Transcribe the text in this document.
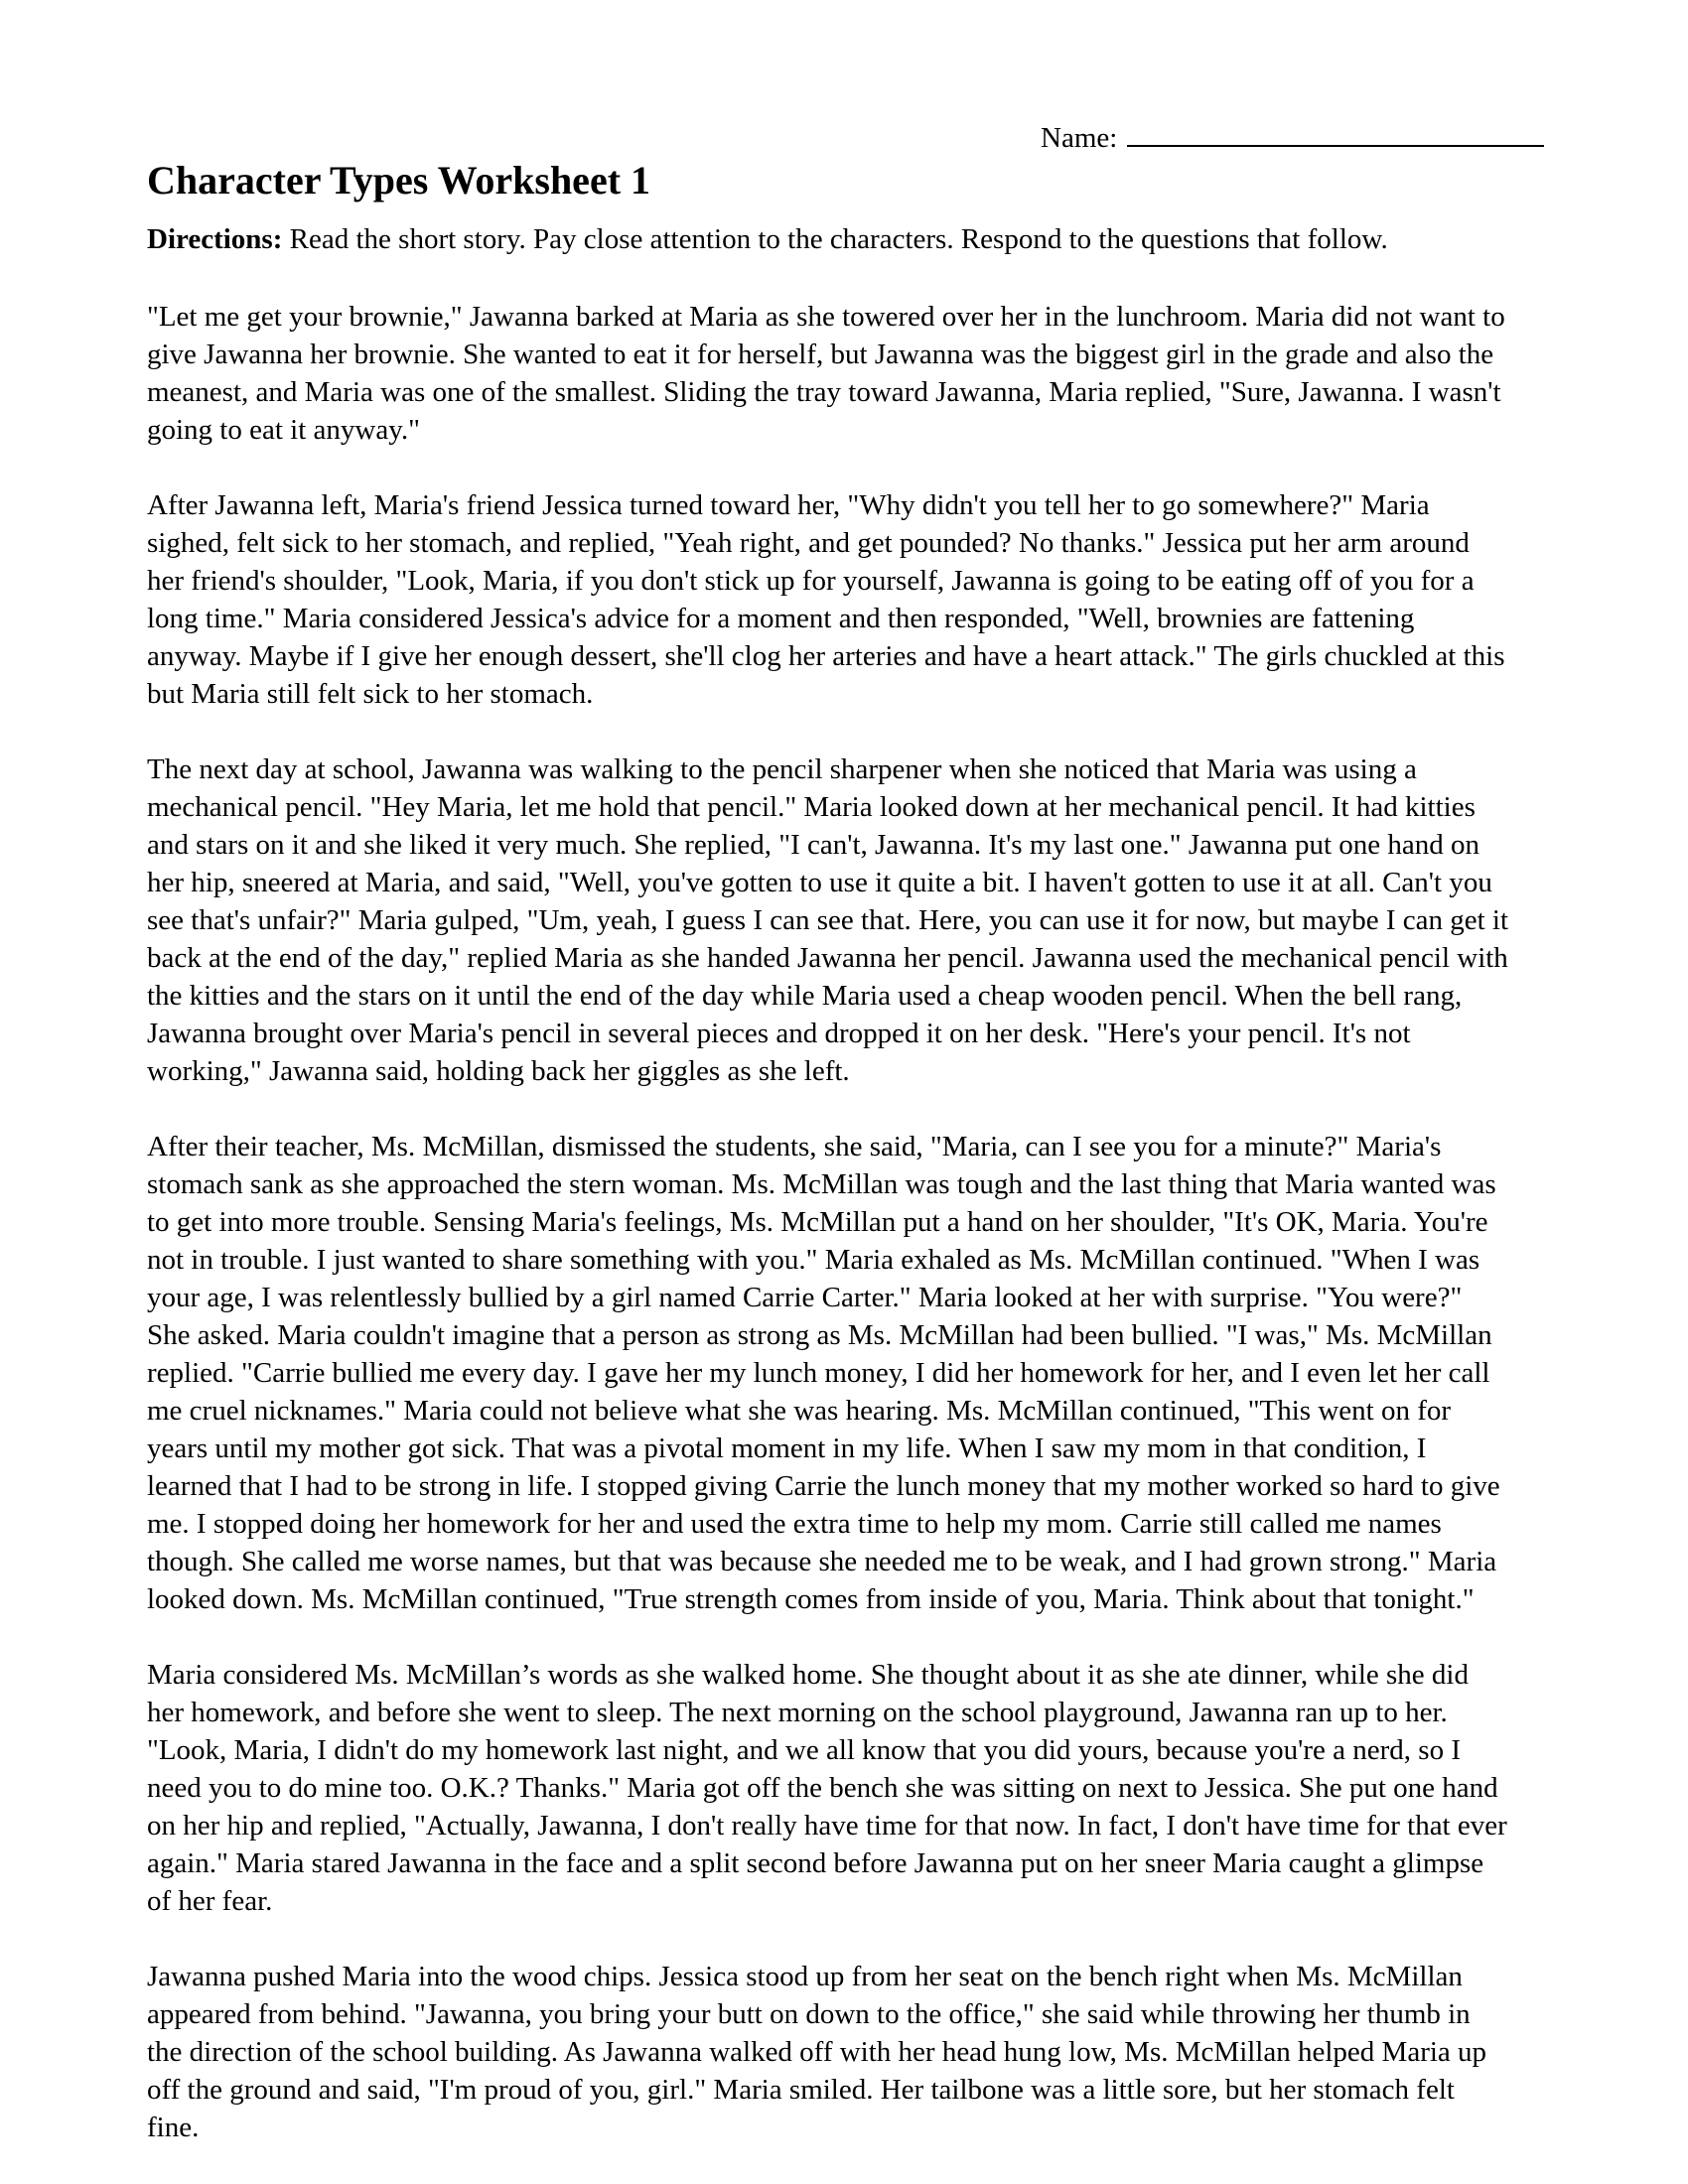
Name:
Character Types Worksheet 1

Directions: Read the short story. Pay close attention to the characters. Respond to the questions that follow.

"Let me get your brownie," Jawanna barked at Maria as she towered over her in the lunchroom. Maria did not want to give Jawanna her brownie. She wanted to eat it for herself, but Jawanna was the biggest girl in the grade and also the meanest, and Maria was one of the smallest. Sliding the tray toward Jawanna, Maria replied, "Sure, Jawanna. I wasn't going to eat it anyway."

After Jawanna left, Maria's friend Jessica turned toward her, "Why didn't you tell her to go somewhere?" Maria sighed, felt sick to her stomach, and replied, "Yeah right, and get pounded? No thanks." Jessica put her arm around her friend's shoulder, "Look, Maria, if you don't stick up for yourself, Jawanna is going to be eating off of you for a long time." Maria considered Jessica's advice for a moment and then responded, "Well, brownies are fattening anyway. Maybe if I give her enough dessert, she'll clog her arteries and have a heart attack." The girls chuckled at this but Maria still felt sick to her stomach.

The next day at school, Jawanna was walking to the pencil sharpener when she noticed that Maria was using a mechanical pencil. "Hey Maria, let me hold that pencil." Maria looked down at her mechanical pencil. It had kitties and stars on it and she liked it very much. She replied, "I can't, Jawanna. It's my last one." Jawanna put one hand on her hip, sneered at Maria, and said, "Well, you've gotten to use it quite a bit. I haven't gotten to use it at all. Can't you see that's unfair?" Maria gulped, "Um, yeah, I guess I can see that. Here, you can use it for now, but maybe I can get it back at the end of the day," replied Maria as she handed Jawanna her pencil. Jawanna used the mechanical pencil with the kitties and the stars on it until the end of the day while Maria used a cheap wooden pencil. When the bell rang, Jawanna brought over Maria's pencil in several pieces and dropped it on her desk. "Here's your pencil. It's not working," Jawanna said, holding back her giggles as she left.

After their teacher, Ms. McMillan, dismissed the students, she said, "Maria, can I see you for a minute?" Maria's stomach sank as she approached the stern woman. Ms. McMillan was tough and the last thing that Maria wanted was to get into more trouble. Sensing Maria's feelings, Ms. McMillan put a hand on her shoulder, "It's OK, Maria. You're not in trouble. I just wanted to share something with you." Maria exhaled as Ms. McMillan continued. "When I was your age, I was relentlessly bullied by a girl named Carrie Carter." Maria looked at her with surprise. "You were?" She asked. Maria couldn't imagine that a person as strong as Ms. McMillan had been bullied. "I was," Ms. McMillan replied. "Carrie bullied me every day. I gave her my lunch money, I did her homework for her, and I even let her call me cruel nicknames." Maria could not believe what she was hearing. Ms. McMillan continued, "This went on for years until my mother got sick. That was a pivotal moment in my life. When I saw my mom in that condition, I learned that I had to be strong in life. I stopped giving Carrie the lunch money that my mother worked so hard to give me. I stopped doing her homework for her and used the extra time to help my mom. Carrie still called me names though. She called me worse names, but that was because she needed me to be weak, and I had grown strong." Maria looked down. Ms. McMillan continued, "True strength comes from inside of you, Maria. Think about that tonight."

Maria considered Ms. McMillan’s words as she walked home. She thought about it as she ate dinner, while she did her homework, and before she went to sleep. The next morning on the school playground, Jawanna ran up to her. "Look, Maria, I didn't do my homework last night, and we all know that you did yours, because you're a nerd, so I need you to do mine too. O.K.? Thanks." Maria got off the bench she was sitting on next to Jessica. She put one hand on her hip and replied, "Actually, Jawanna, I don't really have time for that now. In fact, I don't have time for that ever again." Maria stared Jawanna in the face and a split second before Jawanna put on her sneer Maria caught a glimpse of her fear.

Jawanna pushed Maria into the wood chips. Jessica stood up from her seat on the bench right when Ms. McMillan appeared from behind. "Jawanna, you bring your butt on down to the office," she said while throwing her thumb in the direction of the school building. As Jawanna walked off with her head hung low, Ms. McMillan helped Maria up off the ground and said, "I'm proud of you, girl." Maria smiled. Her tailbone was a little sore, but her stomach felt fine.
